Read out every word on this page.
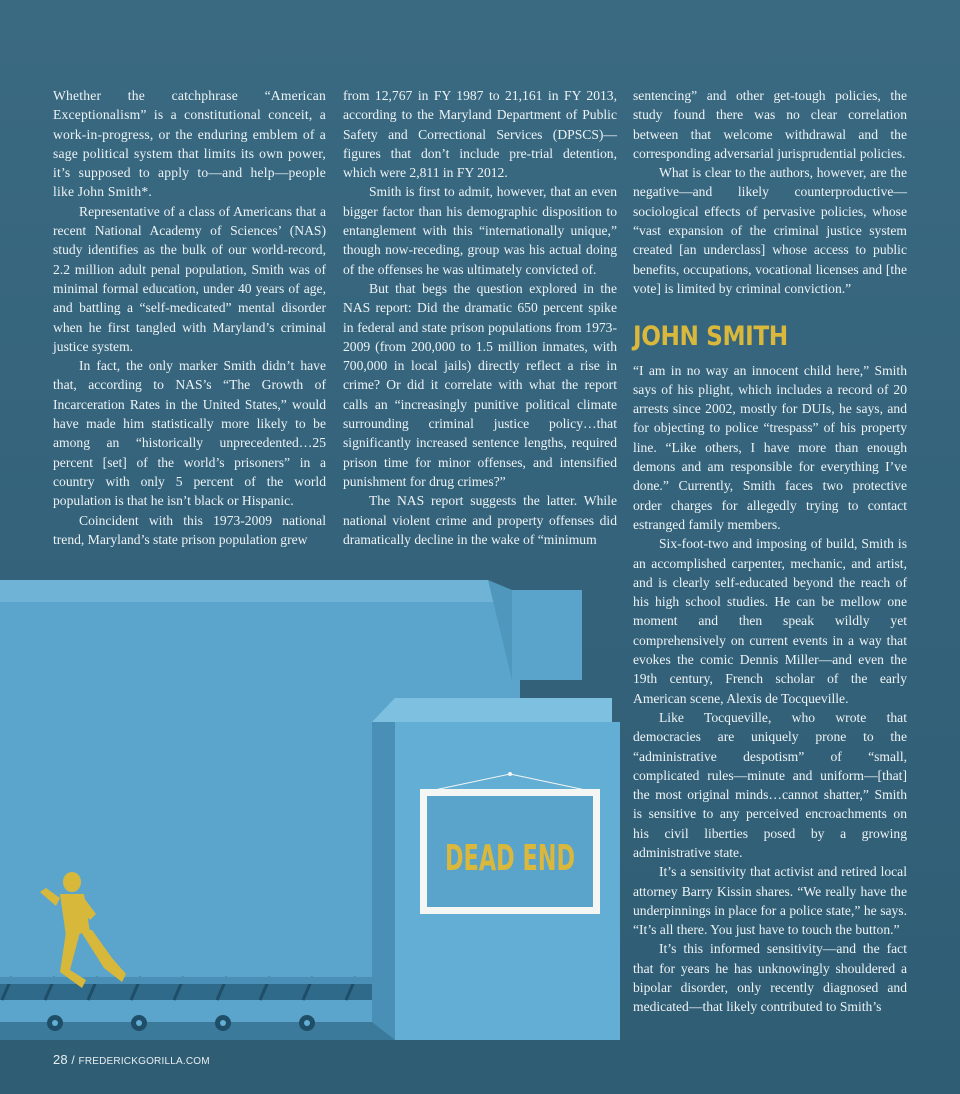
Whether the catchphrase “American Exceptionalism” is a constitutional conceit, a work-in-progress, or the enduring emblem of a sage political system that limits its own power, it’s supposed to apply to—and help—people like John Smith*.

Representative of a class of Americans that a recent National Academy of Sciences’ (NAS) study identifies as the bulk of our world-record, 2.2 million adult penal population, Smith was of minimal formal education, under 40 years of age, and battling a “self-medicated” mental disorder when he first tangled with Maryland’s criminal justice system.

In fact, the only marker Smith didn’t have that, according to NAS’s “The Growth of Incarceration Rates in the United States,” would have made him statistically more likely to be among an “historically unprecedented…25 percent [set] of the world’s prisoners” in a country with only 5 percent of the world population is that he isn’t black or Hispanic.

Coincident with this 1973-2009 national trend, Maryland’s state prison population grew

from 12,767 in FY 1987 to 21,161 in FY 2013, according to the Maryland Department of Public Safety and Correctional Services (DPSCS)—figures that don’t include pre-trial detention, which were 2,811 in FY 2012.

Smith is first to admit, however, that an even bigger factor than his demographic disposition to entanglement with this “internationally unique,” though now-receding, group was his actual doing of the offenses he was ultimately convicted of.

But that begs the question explored in the NAS report: Did the dramatic 650 percent spike in federal and state prison populations from 1973-2009 (from 200,000 to 1.5 million inmates, with 700,000 in local jails) directly reflect a rise in crime? Or did it correlate with what the report calls an “increasingly punitive political climate surrounding criminal justice policy…that significantly increased sentence lengths, required prison time for minor offenses, and intensified punishment for drug crimes?”

The NAS report suggests the latter. While national violent crime and property offenses did dramatically decline in the wake of “minimum

sentencing” and other get-tough policies, the study found there was no clear correlation between that welcome withdrawal and the corresponding adversarial jurisprudential policies.

What is clear to the authors, however, are the negative—and likely counterproductive—sociological effects of pervasive policies, whose “vast expansion of the criminal justice system created [an underclass] whose access to public benefits, occupations, vocational licenses and [the vote] is limited by criminal conviction.”

JOHN SMITH

“I am in no way an innocent child here,” Smith says of his plight, which includes a record of 20 arrests since 2002, mostly for DUIs, he says, and for objecting to police “trespass” of his property line. “Like others, I have more than enough demons and am responsible for everything I’ve done.” Currently, Smith faces two protective order charges for allegedly trying to contact estranged family members.

Six-foot-two and imposing of build, Smith is an accomplished carpenter, mechanic, and artist, and is clearly self-educated beyond the reach of his high school studies. He can be mellow one moment and then speak wildly yet comprehensively on current events in a way that evokes the comic Dennis Miller—and even the 19th century, French scholar of the early American scene, Alexis de Tocqueville.

Like Tocqueville, who wrote that democracies are uniquely prone to the “administrative despotism” of “small, complicated rules—minute and uniform—[that] the most original minds…cannot shatter,” Smith is sensitive to any perceived encroachments on his civil liberties posed by a growing administrative state.

It’s a sensitivity that activist and retired local attorney Barry Kissin shares. “We really have the underpinnings in place for a police state,” he says. “It’s all there. You just have to touch the button.”

It’s this informed sensitivity—and the fact that for years he has unknowingly shouldered a bipolar disorder, only recently diagnosed and medicated—that likely contributed to Smith’s

DEAD END
28 / FREDERICKGORILLA.COM
